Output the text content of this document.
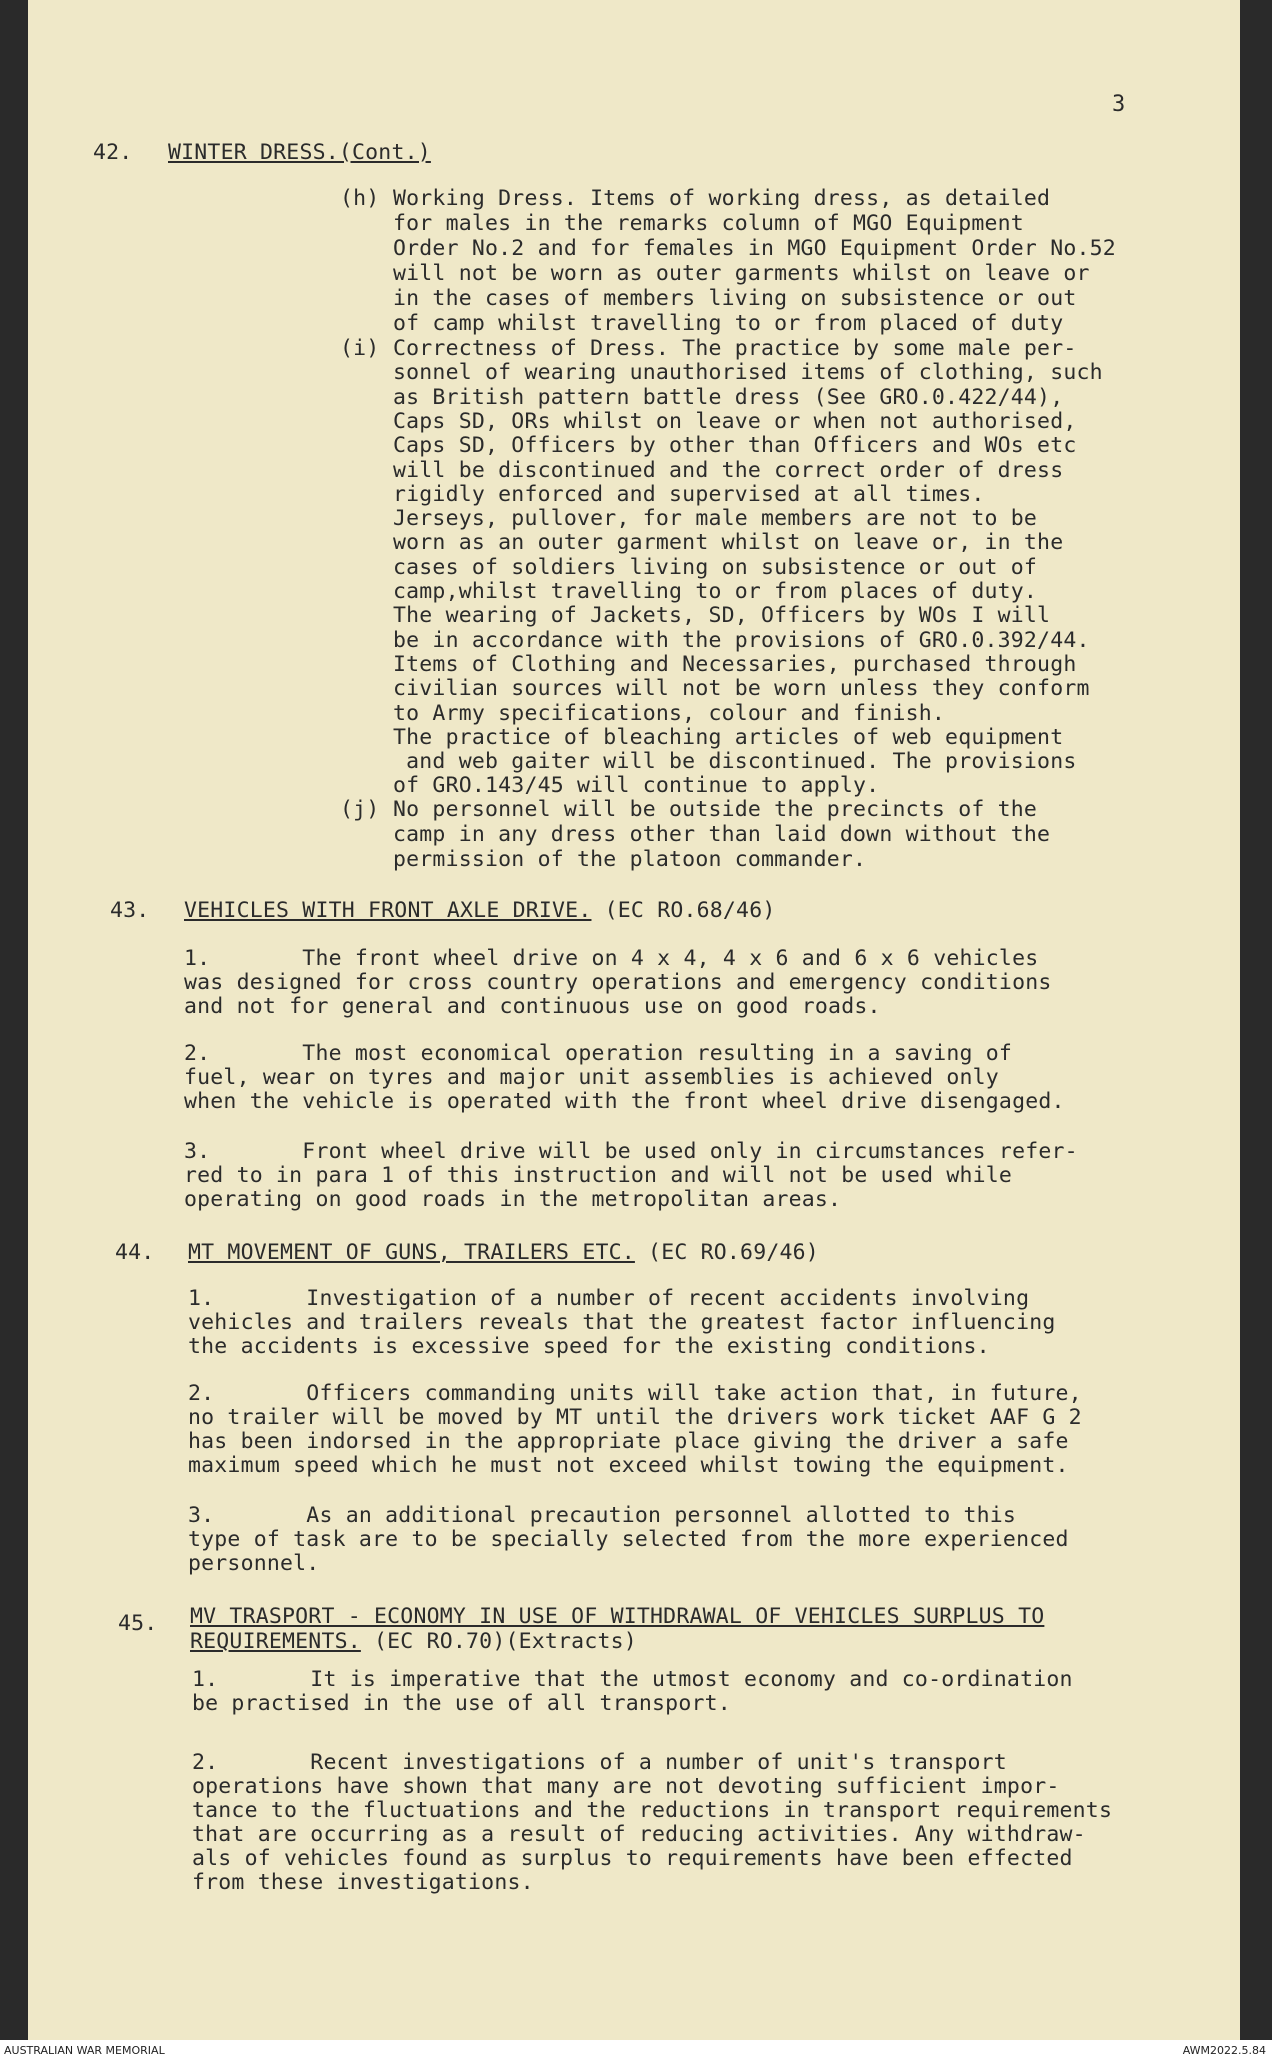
3
42. WINTER DRESS.(Cont.)
(h) Working Dress. Items of working dress, as detailed
for males in the remarks column of MGO Equipment
Order No.2 and for females in MGO Equipment Order No.52
will not be worn as outer garments whilst on leave or
in the cases of members living on subsistence or out
of camp whilst travelling to or from placed of duty
(i) Correctness of Dress. The practice by some male per-
sonnel of wearing unauthorised items of clothing, such
as British pattern battle dress (See GRO.0.422/44),
Caps SD, ORs whilst on leave or when not authorised,
Caps SD, Officers by other than Officers and WOs etc
will be discontinued and the correct order of dress
rigidly enforced and supervised at all times.
Jerseys, pullover, for male members are not to be
worn as an outer garment whilst on leave or, in the
cases of soldiers living on subsistence or out of
camp,whilst travelling to or from places of duty.
The wearing of Jackets, SD, Officers by WOs I will
be in accordance with the provisions of GRO.0.392/44.
Items of Clothing and Necessaries, purchased through
civilian sources will not be worn unless they conform
to Army specifications, colour and finish.
The practice of bleaching articles of web equipment
and web gaiter will be discontinued. The provisions
of GRO.143/45 will continue to apply.
(j) No personnel will be outside the precincts of the
camp in any dress other than laid down without the
permission of the platoon commander.
43. VEHICLES WITH FRONT AXLE DRIVE. (EC RO.68/46)
1.       The front wheel drive on 4 x 4, 4 x 6 and 6 x 6 vehicles
was designed for cross country operations and emergency conditions
and not for general and continuous use on good roads.
2.       The most economical operation resulting in a saving of
fuel, wear on tyres and major unit assemblies is achieved only
when the vehicle is operated with the front wheel drive disengaged.
3.       Front wheel drive will be used only in circumstances refer-
red to in para 1 of this instruction and will not be used while
operating on good roads in the metropolitan areas.
44. MT MOVEMENT OF GUNS, TRAILERS ETC. (EC RO.69/46)
1.       Investigation of a number of recent accidents involving
vehicles and trailers reveals that the greatest factor influencing
the accidents is excessive speed for the existing conditions.
2.       Officers commanding units will take action that, in future,
no trailer will be moved by MT until the drivers work ticket AAF G 2
has been indorsed in the appropriate place giving the driver a safe
maximum speed which he must not exceed whilst towing the equipment.
3.       As an additional precaution personnel allotted to this
type of task are to be specially selected from the more experienced
personnel.
45. MV TRASPORT - ECONOMY IN USE OF WITHDRAWAL OF VEHICLES SURPLUS TO
REQUIREMENTS. (EC RO.70)(Extracts)
1.       It is imperative that the utmost economy and co-ordination
be practised in the use of all transport.
2.       Recent investigations of a number of unit's transport
operations have shown that many are not devoting sufficient impor-
tance to the fluctuations and the reductions in transport requirements
that are occurring as a result of reducing activities. Any withdraw-
als of vehicles found as surplus to requirements have been effected
from these investigations.
AUSTRALIAN WAR MEMORIAL	AWM2022.5.84
